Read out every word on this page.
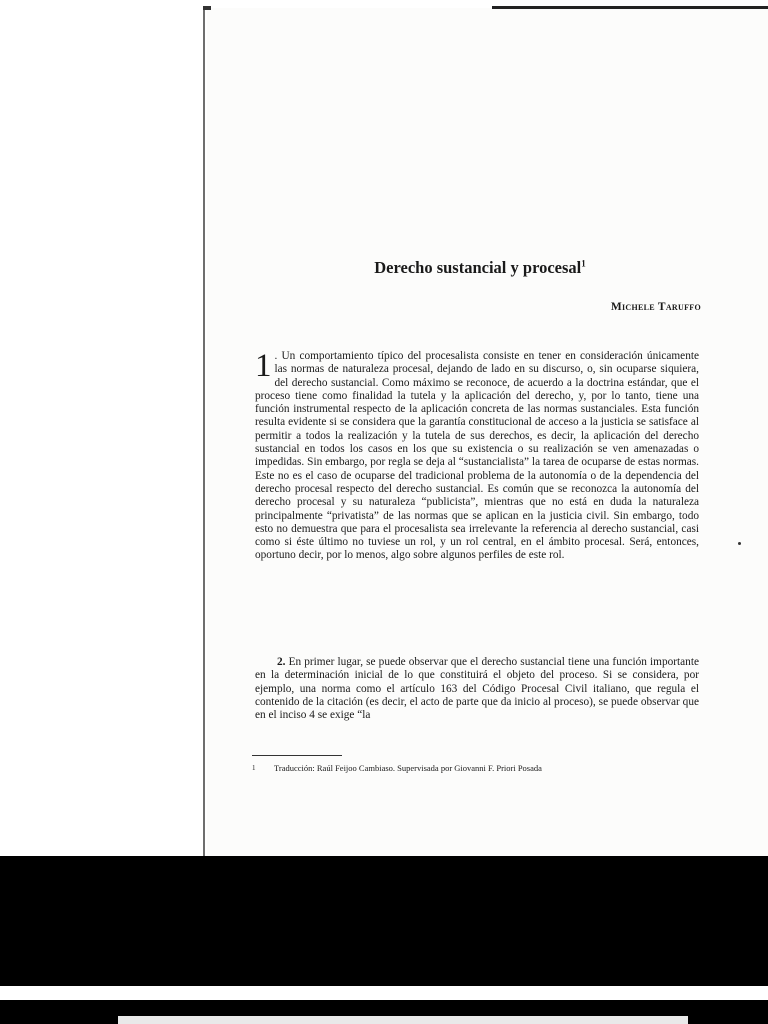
Derecho sustancial y procesal$^1$
Michele Taruffo

1 . Un comportamiento típico del procesalista consiste en tener en consideración únicamente las normas de naturaleza procesal, dejando de lado en su discurso, o, sin ocuparse siquiera, del derecho sustancial. Como máximo se reconoce, de acuerdo a la doctrina estándar, que el proceso tiene como finalidad la tutela y la aplicación del derecho, y, por lo tanto, tiene una función instrumental respecto de la aplicación concreta de las normas sustanciales. Esta función resulta evidente si se considera que la garantía constitucional de acceso a la justicia se satisface al permitir a todos la realización y la tutela de sus derechos, es decir, la aplicación del derecho sustancial en todos los casos en los que su existencia o su realización se ven amenazadas o impedidas. Sin embargo, por regla se deja al “sustancialista” la tarea de ocuparse de estas normas. Este no es el caso de ocuparse del tradicional problema de la autonomía o de la dependencia del derecho procesal respecto del derecho sustancial. Es común que se reconozca la autonomía del derecho procesal y su naturaleza “publicista”, mientras que no está en duda la naturaleza principalmente “privatista” de las normas que se aplican en la justicia civil. Sin embargo, todo esto no demuestra que para el procesalista sea irrelevante la referencia al derecho sustancial, casi como si éste último no tuviese un rol, y un rol central, en el ámbito procesal. Será, entonces, oportuno decir, por lo menos, algo sobre algunos perfiles de este rol.

2. En primer lugar, se puede observar que el derecho sustancial tiene una función importante en la determinación inicial de lo que constituirá el objeto del proceso. Si se considera, por ejemplo, una norma como el artículo 163 del Código Procesal Civil italiano, que regula el contenido de la citación (es decir, el acto de parte que da inicio al proceso), se puede observar que en el inciso 4 se exige “la

1 Traducción: Raúl Feijoo Cambiaso. Supervisada por Giovanni F. Priori Posada
